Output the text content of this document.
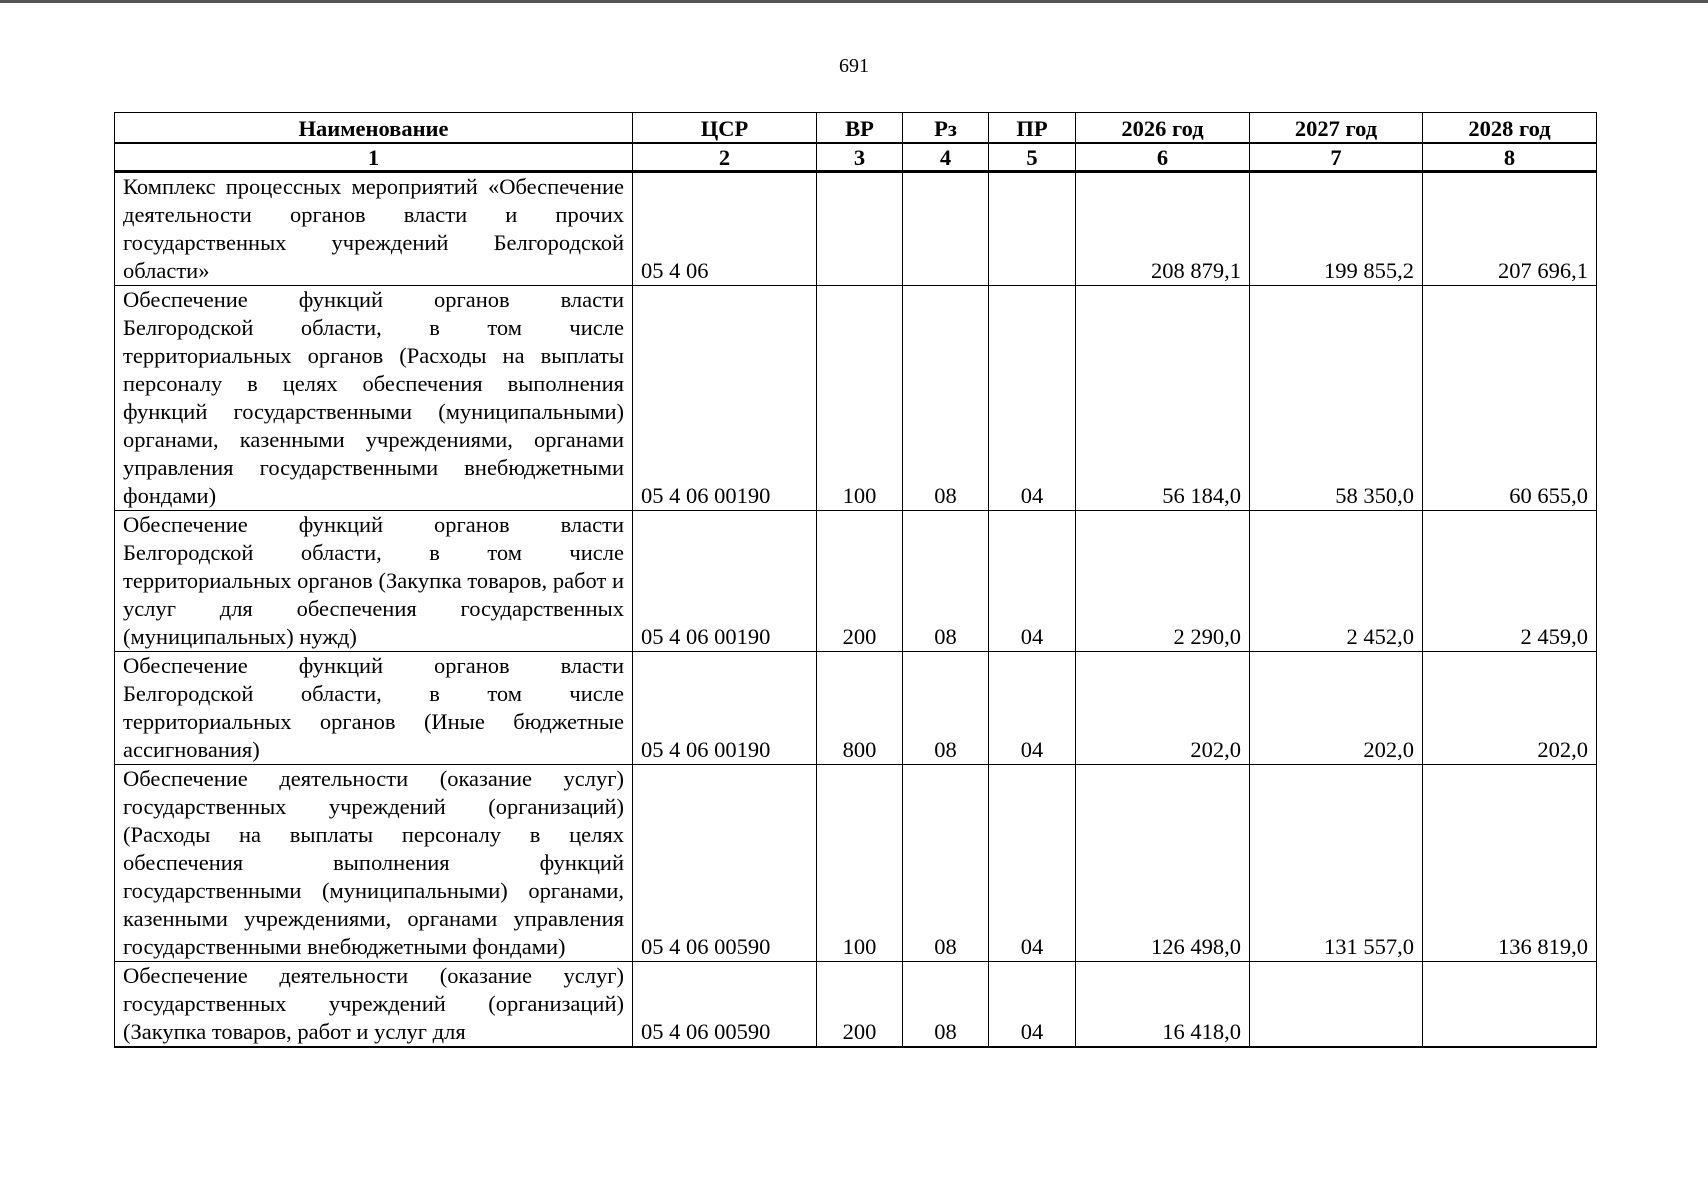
691
Наименование	ЦСР	ВР	Рз	ПР	2026 год	2027 год	2028 год
1	2	3	4	5	6	7	8
Комплекс процессных мероприятий «Обеспечение деятельности органов власти и прочих государственных учреждений Белгородской области»	05 4 06				208 879,1	199 855,2	207 696,1
Обеспечение функций органов власти Белгородской области, в том числе территориальных органов (Расходы на выплаты персоналу в целях обеспечения выполнения функций государственными (муниципальными) органами, казенными учреждениями, органами управления государственными внебюджетными фондами)	05 4 06 00190	100	08	04	56 184,0	58 350,0	60 655,0
Обеспечение функций органов власти Белгородской области, в том числе территориальных органов (Закупка товаров, работ и услуг для обеспечения государственных (муниципальных) нужд)	05 4 06 00190	200	08	04	2 290,0	2 452,0	2 459,0
Обеспечение функций органов власти Белгородской области, в том числе территориальных органов (Иные бюджетные ассигнования)	05 4 06 00190	800	08	04	202,0	202,0	202,0
Обеспечение деятельности (оказание услуг) государственных учреждений (организаций) (Расходы на выплаты персоналу в целях обеспечения выполнения функций государственными (муниципальными) органами, казенными учреждениями, органами управления государственными внебюджетными фондами)	05 4 06 00590	100	08	04	126 498,0	131 557,0	136 819,0
Обеспечение деятельности (оказание услуг) государственных учреждений (организаций) (Закупка товаров, работ и услуг для	05 4 06 00590	200	08	04	16 418,0		
